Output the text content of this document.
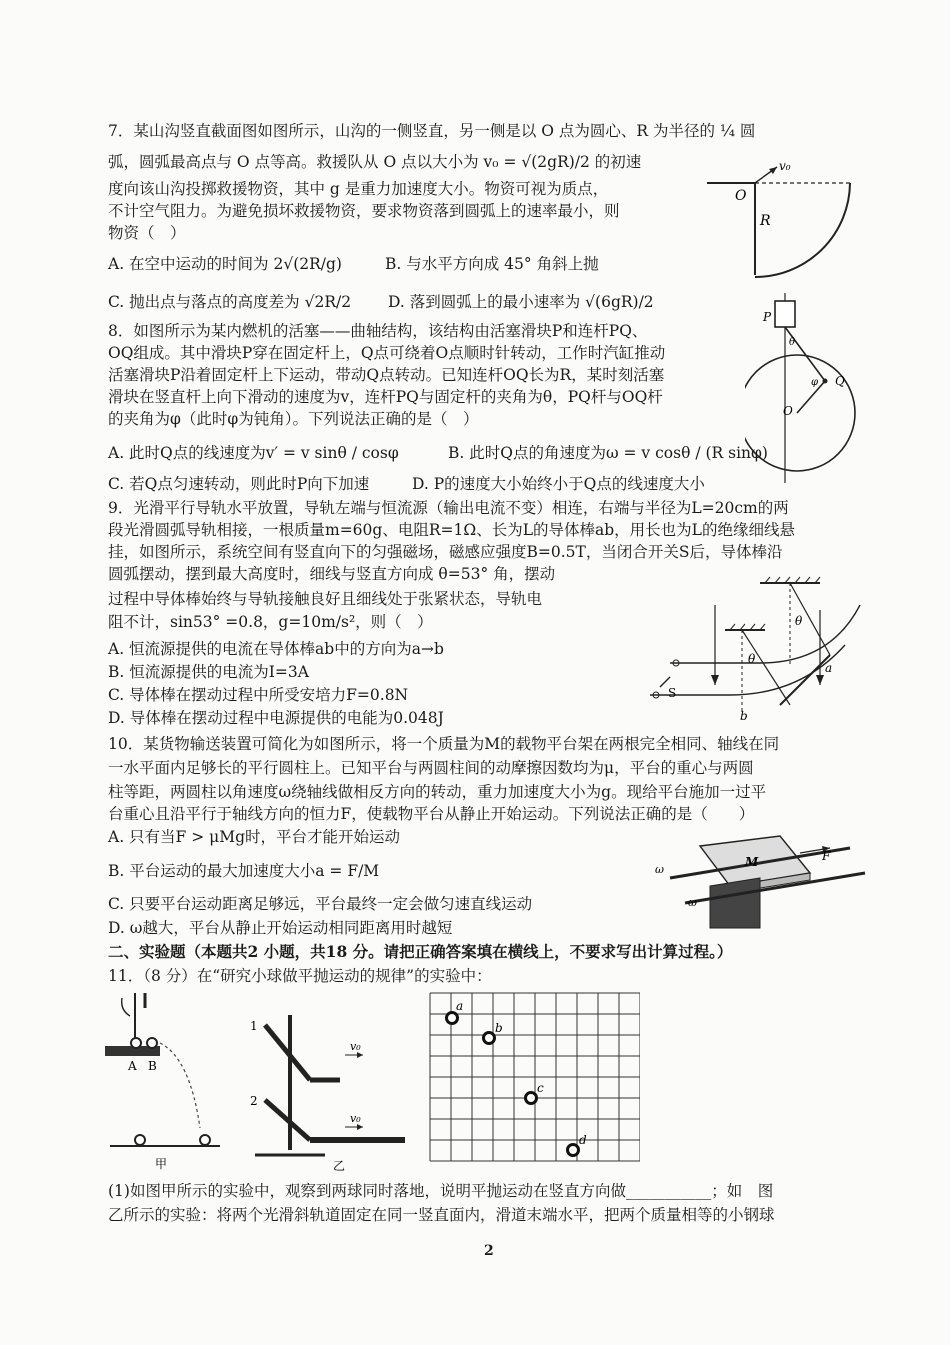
7．某山沟竖直截面图如图所示，山沟的一侧竖直，另一侧是以 O 点为圆心、R 为半径的 ¼ 圆
弧，圆弧最高点与 O 点等高。救援队从 O 点以大小为 v₀ = √(2gR)/2 的初速
度向该山沟投掷救援物资，其中 g 是重力加速度大小。物资可视为质点，
不计空气阻力。为避免损坏救援物资，要求物资落到圆弧上的速率最小，则
物资（　）
A. 在空中运动的时间为 2√(2R/g)	B. 与水平方向成 45° 角斜上抛
C. 抛出点与落点的高度差为 √2R/2 D. 落到圆弧上的最小速率为 √(6gR)/2
O
R
v₀
8．如图所示为某内燃机的活塞——曲轴结构，该结构由活塞滑块P和连杆PQ、
OQ组成。其中滑块P穿在固定杆上，Q点可绕着O点顺时针转动，工作时汽缸推动
活塞滑块P沿着固定杆上下运动，带动Q点转动。已知连杆OQ长为R，某时刻活塞
滑块在竖直杆上向下滑动的速度为v，连杆PQ与固定杆的夹角为θ，PQ杆与OQ杆
的夹角为φ（此时φ为钝角）。下列说法正确的是（　）
A. 此时Q点的线速度为v′ = v sinθ / cosφ	B. 此时Q点的角速度为ω = v cosθ / (R sinφ)
C. 若Q点匀速转动，则此时P向下加速	D. P的速度大小始终小于Q点的线速度大小
P
Q
O
θ
φ
9．光滑平行导轨水平放置，导轨左端与恒流源（输出电流不变）相连，右端与半径为L=20cm的两
段光滑圆弧导轨相接，一根质量m=60g、电阻R=1Ω、长为L的导体棒ab，用长也为L的绝缘细线悬
挂，如图所示，系统空间有竖直向下的匀强磁场，磁感应强度B=0.5T，当闭合开关S后，导体棒沿
圆弧摆动，摆到最大高度时，细线与竖直方向成 θ=53° 角，摆动
过程中导体棒始终与导轨接触良好且细线处于张紧状态，导轨电
阻不计，sin53° =0.8，g=10m/s²，则（　）
A. 恒流源提供的电流在导体棒ab中的方向为a→b
B. 恒流源提供的电流为I=3A
C. 导体棒在摆动过程中所受安培力F=0.8N
D. 导体棒在摆动过程中电源提供的电能为0.048J
a
b
S
θ
θ
10．某货物输送装置可简化为如图所示，将一个质量为M的载物平台架在两根完全相同、轴线在同
一水平面内足够长的平行圆柱上。已知平台与两圆柱间的动摩擦因数均为μ，平台的重心与两圆
柱等距，两圆柱以角速度ω绕轴线做相反方向的转动，重力加速度大小为g。现给平台施加一过平
台重心且沿平行于轴线方向的恒力F，使载物平台从静止开始运动。下列说法正确的是（　　）
A. 只有当F > μMg时，平台才能开始运动
B. 平台运动的最大加速度大小a = F/M
C. 只要平台运动距离足够远，平台最终一定会做匀速直线运动
D. ω越大，平台从静止开始运动相同距离用时越短
M	F
ω
ω
二、实验题（本题共2 小题，共18 分。请把正确答案填在横线上，不要求写出计算过程。）
11．（8 分）在“研究小球做平抛运动的规律”的实验中：
A B
甲
1
2
v₀
v₀
乙
a
b
c
d
(1)如图甲所示的实验中，观察到两球同时落地，说明平抛运动在竖直方向做___________；如　图
乙所示的实验：将两个光滑斜轨道固定在同一竖直面内，滑道末端水平，把两个质量相等的小钢球
2
